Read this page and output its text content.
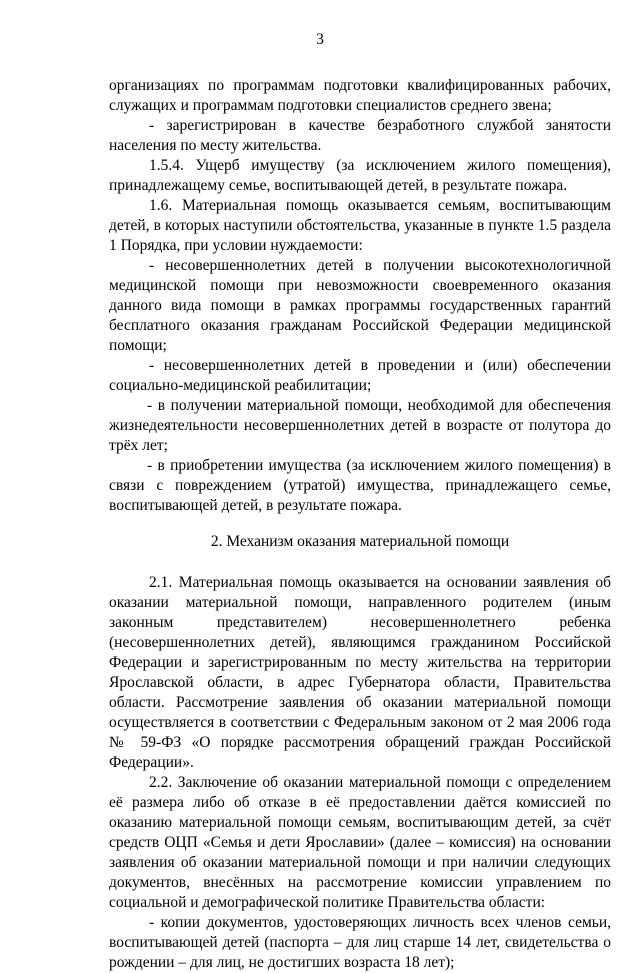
3

организациях по программам подготовки квалифицированных рабочих, служащих и программам подготовки специалистов среднего звена;

- зарегистрирован в качестве безработного службой занятости населения по месту жительства.

1.5.4. Ущерб имуществу (за исключением жилого помещения), принадлежащему семье, воспитывающей детей, в результате пожара.

1.6. Материальная помощь оказывается семьям, воспитывающим детей, в которых наступили обстоятельства, указанные в пункте 1.5 раздела 1 Порядка, при условии нуждаемости:

- несовершеннолетних детей в получении высокотехнологичной медицинской помощи при невозможности своевременного оказания данного вида помощи в рамках программы государственных гарантий бесплатного оказания гражданам Российской Федерации медицинской помощи;

- несовершеннолетних детей в проведении и (или) обеспечении социально-медицинской реабилитации;

- в получении материальной помощи, необходимой для обеспечения жизнедеятельности несовершеннолетних детей в возрасте от полутора до трёх лет;

- в приобретении имущества (за исключением жилого помещения) в связи с повреждением (утратой) имущества, принадлежащего семье, воспитывающей детей, в результате пожара.

2. Механизм оказания материальной помощи

2.1. Материальная помощь оказывается на основании заявления об оказании материальной помощи, направленного родителем (иным законным представителем) несовершеннолетнего ребенка (несовершеннолетних детей), являющимся гражданином Российской Федерации и зарегистрированным по месту жительства на территории Ярославской области, в адрес Губернатора области, Правительства области. Рассмотрение заявления об оказании материальной помощи осуществляется в соответствии с Федеральным законом от 2 мая 2006 года № 59-ФЗ «О порядке рассмотрения обращений граждан Российской Федерации».

2.2. Заключение об оказании материальной помощи с определением её размера либо об отказе в её предоставлении даётся комиссией по оказанию материальной помощи семьям, воспитывающим детей, за счёт средств ОЦП «Семья и дети Ярославии» (далее – комиссия) на основании заявления об оказании материальной помощи и при наличии следующих документов, внесённых на рассмотрение комиссии управлением по социальной и демографической политике Правительства области:

- копии документов, удостоверяющих личность всех членов семьи, воспитывающей детей (паспорта – для лиц старше 14 лет, свидетельства о рождении – для лиц, не достигших возраста 18 лет);
